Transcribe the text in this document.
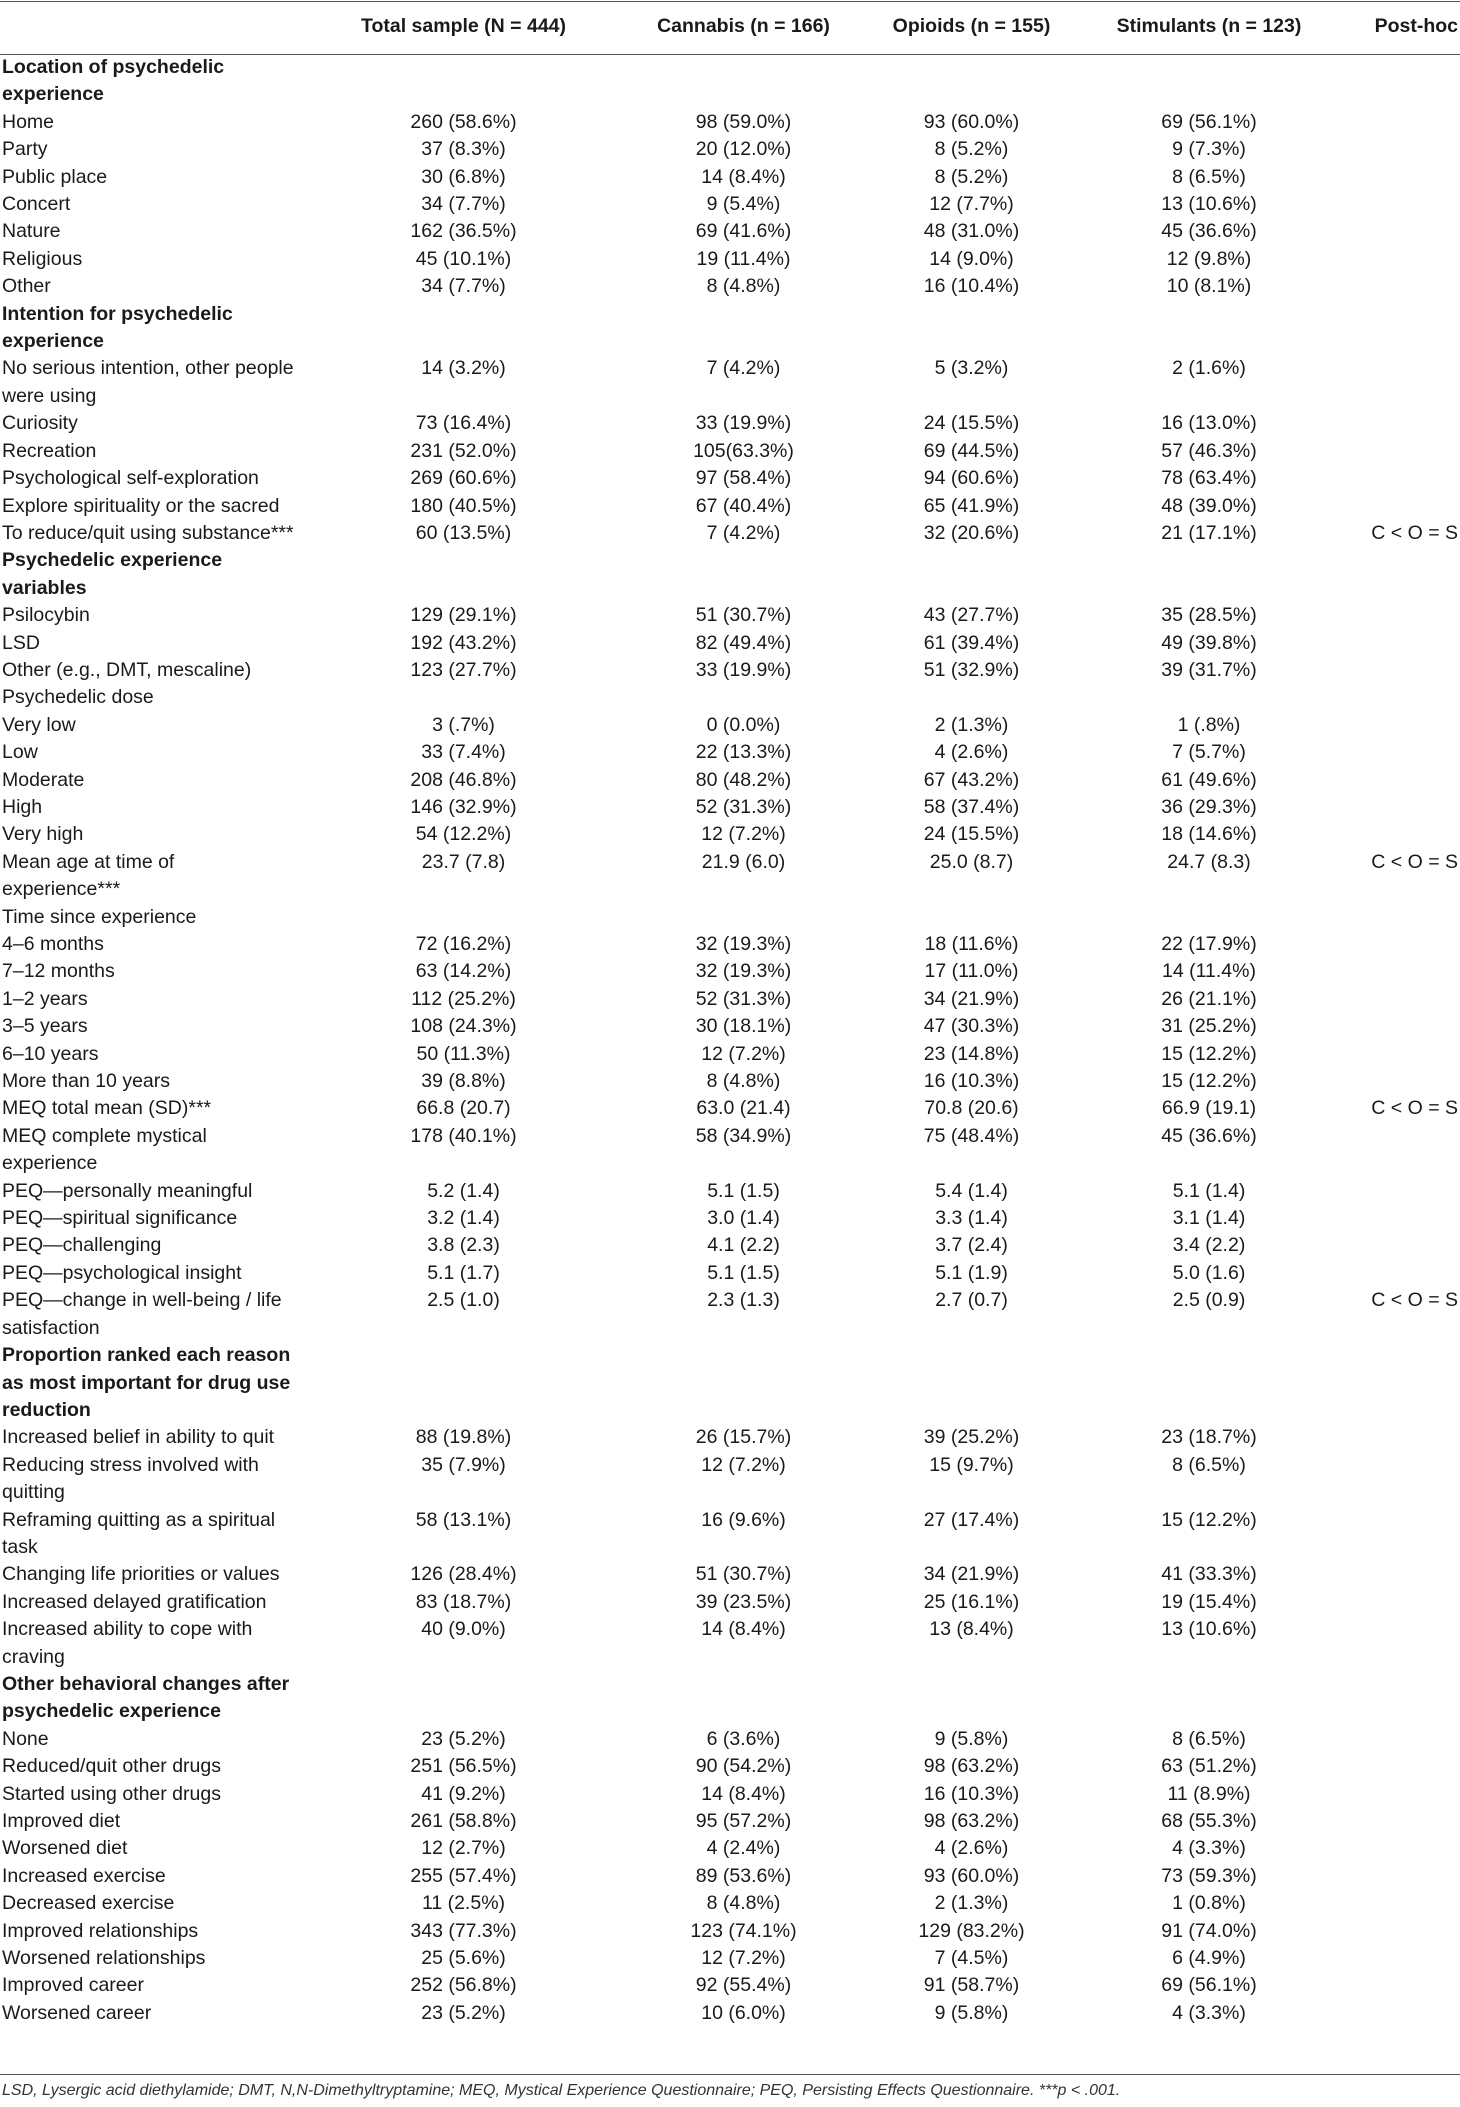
	Total sample (N = 444)	Cannabis (n = 166)	Opioids (n = 155)	Stimulants (n = 123)	Post-hoc
Location of psychedelic experience					
Home	260 (58.6%)	98 (59.0%)	93 (60.0%)	69 (56.1%)	
Party	37 (8.3%)	20 (12.0%)	8 (5.2%)	9 (7.3%)	
Public place	30 (6.8%)	14 (8.4%)	8 (5.2%)	8 (6.5%)	
Concert	34 (7.7%)	9 (5.4%)	12 (7.7%)	13 (10.6%)	
Nature	162 (36.5%)	69 (41.6%)	48 (31.0%)	45 (36.6%)	
Religious	45 (10.1%)	19 (11.4%)	14 (9.0%)	12 (9.8%)	
Other	34 (7.7%)	8 (4.8%)	16 (10.4%)	10 (8.1%)	
Intention for psychedelic experience					
No serious intention, other people were using	14 (3.2%)	7 (4.2%)	5 (3.2%)	2 (1.6%)	
Curiosity	73 (16.4%)	33 (19.9%)	24 (15.5%)	16 (13.0%)	
Recreation	231 (52.0%)	105(63.3%)	69 (44.5%)	57 (46.3%)	
Psychological self-exploration	269 (60.6%)	97 (58.4%)	94 (60.6%)	78 (63.4%)	
Explore spirituality or the sacred	180 (40.5%)	67 (40.4%)	65 (41.9%)	48 (39.0%)	
To reduce/quit using substance***	60 (13.5%)	7 (4.2%)	32 (20.6%)	21 (17.1%)	C < O = S
Psychedelic experience variables					
Psilocybin	129 (29.1%)	51 (30.7%)	43 (27.7%)	35 (28.5%)	
LSD	192 (43.2%)	82 (49.4%)	61 (39.4%)	49 (39.8%)	
Other (e.g., DMT, mescaline)	123 (27.7%)	33 (19.9%)	51 (32.9%)	39 (31.7%)	
Psychedelic dose					
Very low	3 (.7%)	0 (0.0%)	2 (1.3%)	1 (.8%)	
Low	33 (7.4%)	22 (13.3%)	4 (2.6%)	7 (5.7%)	
Moderate	208 (46.8%)	80 (48.2%)	67 (43.2%)	61 (49.6%)	
High	146 (32.9%)	52 (31.3%)	58 (37.4%)	36 (29.3%)	
Very high	54 (12.2%)	12 (7.2%)	24 (15.5%)	18 (14.6%)	
Mean age at time of experience***	23.7 (7.8)	21.9 (6.0)	25.0 (8.7)	24.7 (8.3)	C < O = S
Time since experience					
4–6 months	72 (16.2%)	32 (19.3%)	18 (11.6%)	22 (17.9%)	
7–12 months	63 (14.2%)	32 (19.3%)	17 (11.0%)	14 (11.4%)	
1–2 years	112 (25.2%)	52 (31.3%)	34 (21.9%)	26 (21.1%)	
3–5 years	108 (24.3%)	30 (18.1%)	47 (30.3%)	31 (25.2%)	
6–10 years	50 (11.3%)	12 (7.2%)	23 (14.8%)	15 (12.2%)	
More than 10 years	39 (8.8%)	8 (4.8%)	16 (10.3%)	15 (12.2%)	
MEQ total mean (SD)***	66.8 (20.7)	63.0 (21.4)	70.8 (20.6)	66.9 (19.1)	C < O = S
MEQ complete mystical experience	178 (40.1%)	58 (34.9%)	75 (48.4%)	45 (36.6%)	
PEQ—personally meaningful	5.2 (1.4)	5.1 (1.5)	5.4 (1.4)	5.1 (1.4)	
PEQ—spiritual significance	3.2 (1.4)	3.0 (1.4)	3.3 (1.4)	3.1 (1.4)	
PEQ—challenging	3.8 (2.3)	4.1 (2.2)	3.7 (2.4)	3.4 (2.2)	
PEQ—psychological insight	5.1 (1.7)	5.1 (1.5)	5.1 (1.9)	5.0 (1.6)	
PEQ—change in well-being / life satisfaction	2.5 (1.0)	2.3 (1.3)	2.7 (0.7)	2.5 (0.9)	C < O = S
Proportion ranked each reason as most important for drug use reduction					
Increased belief in ability to quit	88 (19.8%)	26 (15.7%)	39 (25.2%)	23 (18.7%)	
Reducing stress involved with quitting	35 (7.9%)	12 (7.2%)	15 (9.7%)	8 (6.5%)	
Reframing quitting as a spiritual task	58 (13.1%)	16 (9.6%)	27 (17.4%)	15 (12.2%)	
Changing life priorities or values	126 (28.4%)	51 (30.7%)	34 (21.9%)	41 (33.3%)	
Increased delayed gratification	83 (18.7%)	39 (23.5%)	25 (16.1%)	19 (15.4%)	
Increased ability to cope with craving	40 (9.0%)	14 (8.4%)	13 (8.4%)	13 (10.6%)	
Other behavioral changes after psychedelic experience					
None	23 (5.2%)	6 (3.6%)	9 (5.8%)	8 (6.5%)	
Reduced/quit other drugs	251 (56.5%)	90 (54.2%)	98 (63.2%)	63 (51.2%)	
Started using other drugs	41 (9.2%)	14 (8.4%)	16 (10.3%)	11 (8.9%)	
Improved diet	261 (58.8%)	95 (57.2%)	98 (63.2%)	68 (55.3%)	
Worsened diet	12 (2.7%)	4 (2.4%)	4 (2.6%)	4 (3.3%)	
Increased exercise	255 (57.4%)	89 (53.6%)	93 (60.0%)	73 (59.3%)	
Decreased exercise	11 (2.5%)	8 (4.8%)	2 (1.3%)	1 (0.8%)	
Improved relationships	343 (77.3%)	123 (74.1%)	129 (83.2%)	91 (74.0%)	
Worsened relationships	25 (5.6%)	12 (7.2%)	7 (4.5%)	6 (4.9%)	
Improved career	252 (56.8%)	92 (55.4%)	91 (58.7%)	69 (56.1%)	
Worsened career	23 (5.2%)	10 (6.0%)	9 (5.8%)	4 (3.3%)	
LSD, Lysergic acid diethylamide; DMT, N,N-Dimethyltryptamine; MEQ, Mystical Experience Questionnaire; PEQ, Persisting Effects Questionnaire. ***p < .001.
